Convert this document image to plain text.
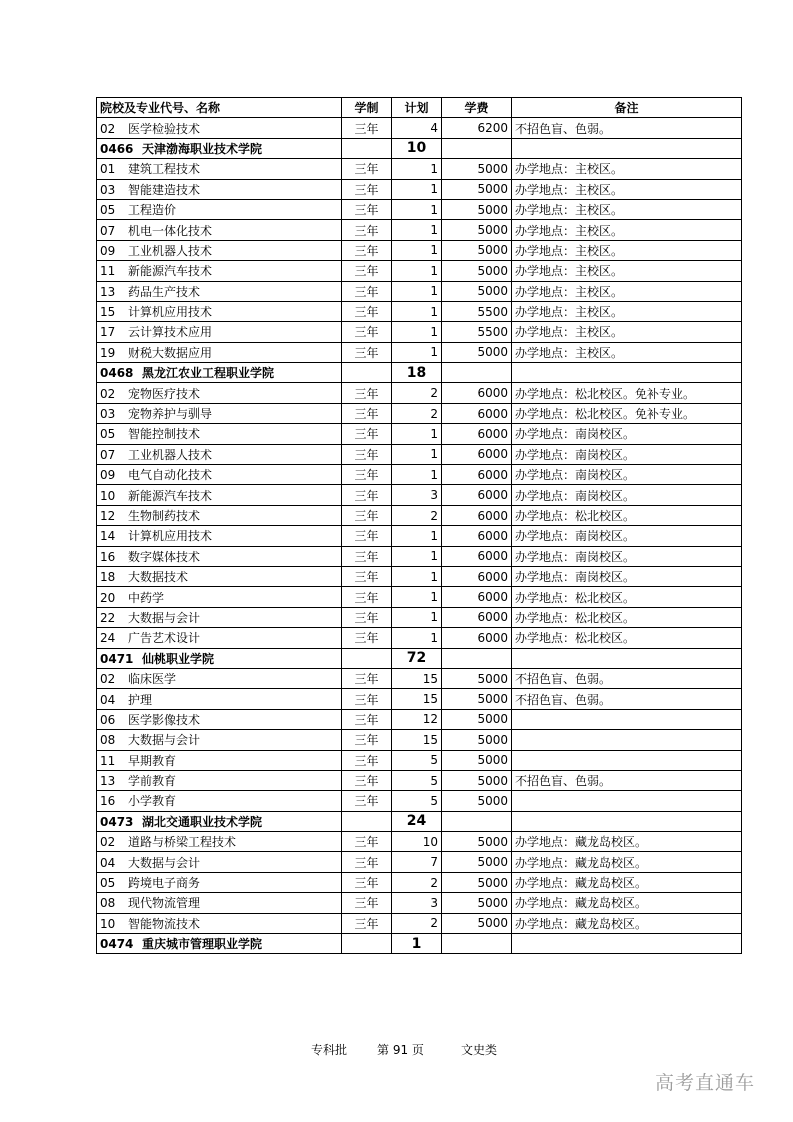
院校及专业代号、名称	学制	计划	学费	备注
02 医学检验技术	三年	4	6200	不招色盲、色弱。
0466 天津渤海职业技术学院		10		
01 建筑工程技术	三年	1	5000	办学地点：主校区。
03 智能建造技术	三年	1	5000	办学地点：主校区。
05 工程造价	三年	1	5000	办学地点：主校区。
07 机电一体化技术	三年	1	5000	办学地点：主校区。
09 工业机器人技术	三年	1	5000	办学地点：主校区。
11 新能源汽车技术	三年	1	5000	办学地点：主校区。
13 药品生产技术	三年	1	5000	办学地点：主校区。
15 计算机应用技术	三年	1	5500	办学地点：主校区。
17 云计算技术应用	三年	1	5500	办学地点：主校区。
19 财税大数据应用	三年	1	5000	办学地点：主校区。
0468 黑龙江农业工程职业学院		18		
02 宠物医疗技术	三年	2	6000	办学地点：松北校区。免补专业。
03 宠物养护与驯导	三年	2	6000	办学地点：松北校区。免补专业。
05 智能控制技术	三年	1	6000	办学地点：南岗校区。
07 工业机器人技术	三年	1	6000	办学地点：南岗校区。
09 电气自动化技术	三年	1	6000	办学地点：南岗校区。
10 新能源汽车技术	三年	3	6000	办学地点：南岗校区。
12 生物制药技术	三年	2	6000	办学地点：松北校区。
14 计算机应用技术	三年	1	6000	办学地点：南岗校区。
16 数字媒体技术	三年	1	6000	办学地点：南岗校区。
18 大数据技术	三年	1	6000	办学地点：南岗校区。
20 中药学	三年	1	6000	办学地点：松北校区。
22 大数据与会计	三年	1	6000	办学地点：松北校区。
24 广告艺术设计	三年	1	6000	办学地点：松北校区。
0471 仙桃职业学院		72		
02 临床医学	三年	15	5000	不招色盲、色弱。
04 护理	三年	15	5000	不招色盲、色弱。
06 医学影像技术	三年	12	5000	
08 大数据与会计	三年	15	5000	
11 早期教育	三年	5	5000	
13 学前教育	三年	5	5000	不招色盲、色弱。
16 小学教育	三年	5	5000	
0473 湖北交通职业技术学院		24		
02 道路与桥梁工程技术	三年	10	5000	办学地点：藏龙岛校区。
04 大数据与会计	三年	7	5000	办学地点：藏龙岛校区。
05 跨境电子商务	三年	2	5000	办学地点：藏龙岛校区。
08 现代物流管理	三年	3	5000	办学地点：藏龙岛校区。
10 智能物流技术	三年	2	5000	办学地点：藏龙岛校区。
0474 重庆城市管理职业学院		1		
专科批 第 91 页	文史类
高考直通车
